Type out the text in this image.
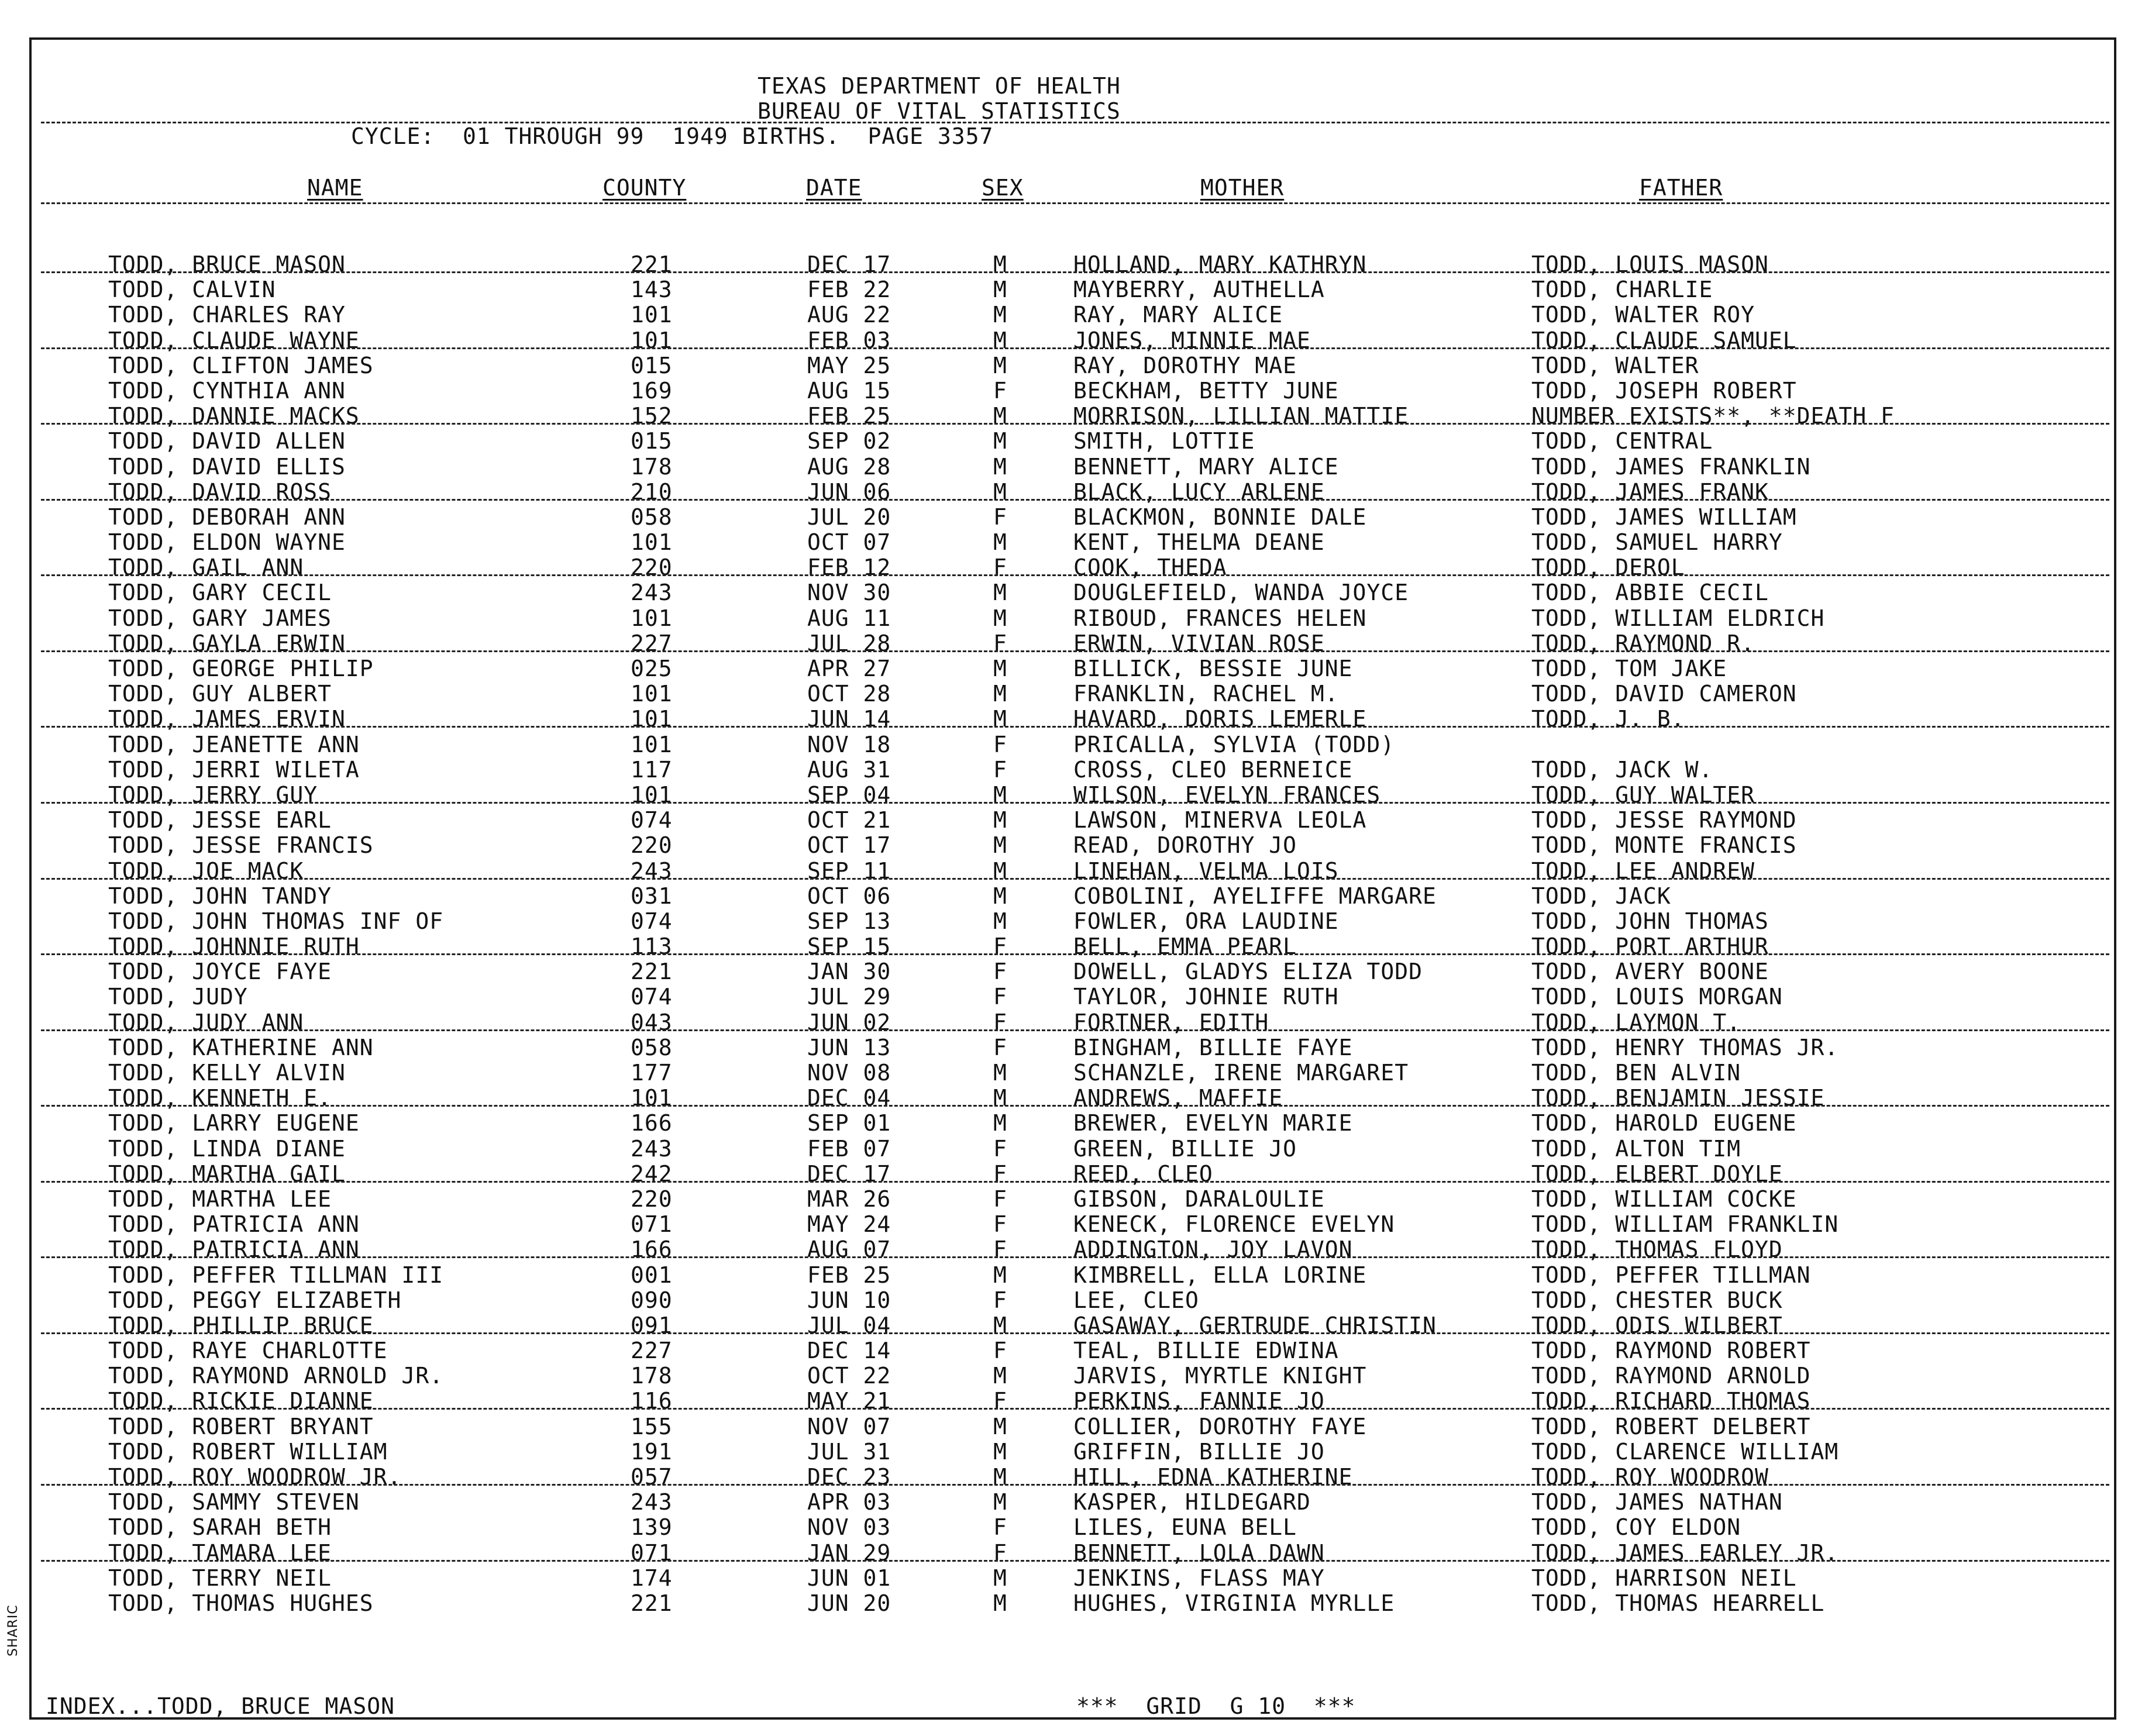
TEXAS DEPARTMENT OF HEALTH
BUREAU OF VITAL STATISTICS
CYCLE:  01 THROUGH 99  1949 BIRTHS.  PAGE 3357
NAME	COUNTY	DATE	SEX	MOTHER	FATHER
TODD, BRUCE MASON	221	DEC 17	M	HOLLAND, MARY KATHRYN	TODD, LOUIS MASON
TODD, CALVIN	143	FEB 22	M	MAYBERRY, AUTHELLA	TODD, CHARLIE
TODD, CHARLES RAY	101	AUG 22	M	RAY, MARY ALICE	TODD, WALTER ROY
TODD, CLAUDE WAYNE	101	FEB 03	M	JONES, MINNIE MAE	TODD, CLAUDE SAMUEL
TODD, CLIFTON JAMES	015	MAY 25	M	RAY, DOROTHY MAE	TODD, WALTER
TODD, CYNTHIA ANN	169	AUG 15	F	BECKHAM, BETTY JUNE	TODD, JOSEPH ROBERT
TODD, DANNIE MACKS	152	FEB 25	M	MORRISON, LILLIAN MATTIE	NUMBER EXISTS**, **DEATH F
TODD, DAVID ALLEN	015	SEP 02	M	SMITH, LOTTIE	TODD, CENTRAL
TODD, DAVID ELLIS	178	AUG 28	M	BENNETT, MARY ALICE	TODD, JAMES FRANKLIN
TODD, DAVID ROSS	210	JUN 06	M	BLACK, LUCY ARLENE	TODD, JAMES FRANK
TODD, DEBORAH ANN	058	JUL 20	F	BLACKMON, BONNIE DALE	TODD, JAMES WILLIAM
TODD, ELDON WAYNE	101	OCT 07	M	KENT, THELMA DEANE	TODD, SAMUEL HARRY
TODD, GAIL ANN	220	FEB 12	F	COOK, THEDA	TODD, DEROL
TODD, GARY CECIL	243	NOV 30	M	DOUGLEFIELD, WANDA JOYCE	TODD, ABBIE CECIL
TODD, GARY JAMES	101	AUG 11	M	RIBOUD, FRANCES HELEN	TODD, WILLIAM ELDRICH
TODD, GAYLA ERWIN	227	JUL 28	F	ERWIN, VIVIAN ROSE	TODD, RAYMOND R.
TODD, GEORGE PHILIP	025	APR 27	M	BILLICK, BESSIE JUNE	TODD, TOM JAKE
TODD, GUY ALBERT	101	OCT 28	M	FRANKLIN, RACHEL M.	TODD, DAVID CAMERON
TODD, JAMES ERVIN	101	JUN 14	M	HAVARD, DORIS LEMERLE	TODD, J. B.
TODD, JEANETTE ANN	101	NOV 18	F	PRICALLA, SYLVIA (TODD)
TODD, JERRI WILETA	117	AUG 31	F	CROSS, CLEO BERNEICE	TODD, JACK W.
TODD, JERRY GUY	101	SEP 04	M	WILSON, EVELYN FRANCES	TODD, GUY WALTER
TODD, JESSE EARL	074	OCT 21	M	LAWSON, MINERVA LEOLA	TODD, JESSE RAYMOND
TODD, JESSE FRANCIS	220	OCT 17	M	READ, DOROTHY JO	TODD, MONTE FRANCIS
TODD, JOE MACK	243	SEP 11	M	LINEHAN, VELMA LOIS	TODD, LEE ANDREW
TODD, JOHN TANDY	031	OCT 06	M	COBOLINI, AYELIFFE MARGARE	TODD, JACK
TODD, JOHN THOMAS INF OF	074	SEP 13	M	FOWLER, ORA LAUDINE	TODD, JOHN THOMAS
TODD, JOHNNIE RUTH	113	SEP 15	F	BELL, EMMA PEARL	TODD, PORT ARTHUR
TODD, JOYCE FAYE	221	JAN 30	F	DOWELL, GLADYS ELIZA TODD	TODD, AVERY BOONE
TODD, JUDY	074	JUL 29	F	TAYLOR, JOHNIE RUTH	TODD, LOUIS MORGAN
TODD, JUDY ANN	043	JUN 02	F	FORTNER, EDITH	TODD, LAYMON T.
TODD, KATHERINE ANN	058	JUN 13	F	BINGHAM, BILLIE FAYE	TODD, HENRY THOMAS JR.
TODD, KELLY ALVIN	177	NOV 08	M	SCHANZLE, IRENE MARGARET	TODD, BEN ALVIN
TODD, KENNETH E.	101	DEC 04	M	ANDREWS, MAFFIE	TODD, BENJAMIN JESSIE
TODD, LARRY EUGENE	166	SEP 01	M	BREWER, EVELYN MARIE	TODD, HAROLD EUGENE
TODD, LINDA DIANE	243	FEB 07	F	GREEN, BILLIE JO	TODD, ALTON TIM
TODD, MARTHA GAIL	242	DEC 17	F	REED, CLEO	TODD, ELBERT DOYLE
TODD, MARTHA LEE	220	MAR 26	F	GIBSON, DARALOULIE	TODD, WILLIAM COCKE
TODD, PATRICIA ANN	071	MAY 24	F	KENECK, FLORENCE EVELYN	TODD, WILLIAM FRANKLIN
TODD, PATRICIA ANN	166	AUG 07	F	ADDINGTON, JOY LAVON	TODD, THOMAS FLOYD
TODD, PEFFER TILLMAN III	001	FEB 25	M	KIMBRELL, ELLA LORINE	TODD, PEFFER TILLMAN
TODD, PEGGY ELIZABETH	090	JUN 10	F	LEE, CLEO	TODD, CHESTER BUCK
TODD, PHILLIP BRUCE	091	JUL 04	M	GASAWAY, GERTRUDE CHRISTIN	TODD, ODIS WILBERT
TODD, RAYE CHARLOTTE	227	DEC 14	F	TEAL, BILLIE EDWINA	TODD, RAYMOND ROBERT
TODD, RAYMOND ARNOLD JR.	178	OCT 22	M	JARVIS, MYRTLE KNIGHT	TODD, RAYMOND ARNOLD
TODD, RICKIE DIANNE	116	MAY 21	F	PERKINS, FANNIE JO	TODD, RICHARD THOMAS
TODD, ROBERT BRYANT	155	NOV 07	M	COLLIER, DOROTHY FAYE	TODD, ROBERT DELBERT
TODD, ROBERT WILLIAM	191	JUL 31	M	GRIFFIN, BILLIE JO	TODD, CLARENCE WILLIAM
TODD, ROY WOODROW JR.	057	DEC 23	M	HILL, EDNA KATHERINE	TODD, ROY WOODROW
TODD, SAMMY STEVEN	243	APR 03	M	KASPER, HILDEGARD	TODD, JAMES NATHAN
TODD, SARAH BETH	139	NOV 03	F	LILES, EUNA BELL	TODD, COY ELDON
TODD, TAMARA LEE	071	JAN 29	F	BENNETT, LOLA DAWN	TODD, JAMES EARLEY JR.
TODD, TERRY NEIL	174	JUN 01	M	JENKINS, FLASS MAY	TODD, HARRISON NEIL
TODD, THOMAS HUGHES	221	JUN 20	M	HUGHES, VIRGINIA MYRLLE	TODD, THOMAS HEARRELL
INDEX...TODD, BRUCE MASON	***  GRID  G 10  ***
SHARIC
